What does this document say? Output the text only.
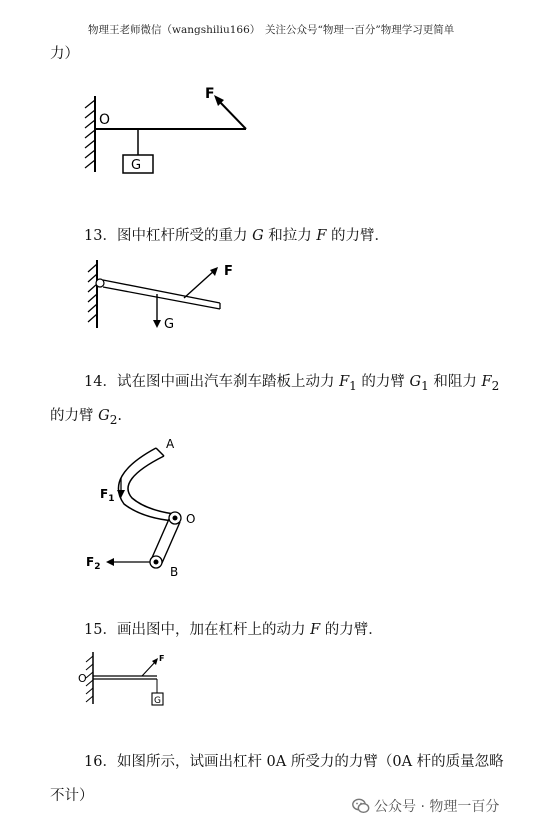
物理王老师微信（wangshiliu166） 关注公众号“物理一百分”物理学习更简单
力）
O
F
G
13．图中杠杆所受的重力 G 和拉力 F 的力臂．
F
G
14．试在图中画出汽车刹车踏板上动力 $F_1$ 的力臂 $G_1$ 和阻力 $F_2$
的力臂 $G_2$.
A
O
B
$F_1$
$F_2$
15．画出图中，加在杠杆上的动力 F 的力臂．
O
F
G
16．如图所示，试画出杠杆 0A 所受力的力臂（0A 杆的质量忽略
不计）
公众号 · 物理一百分
